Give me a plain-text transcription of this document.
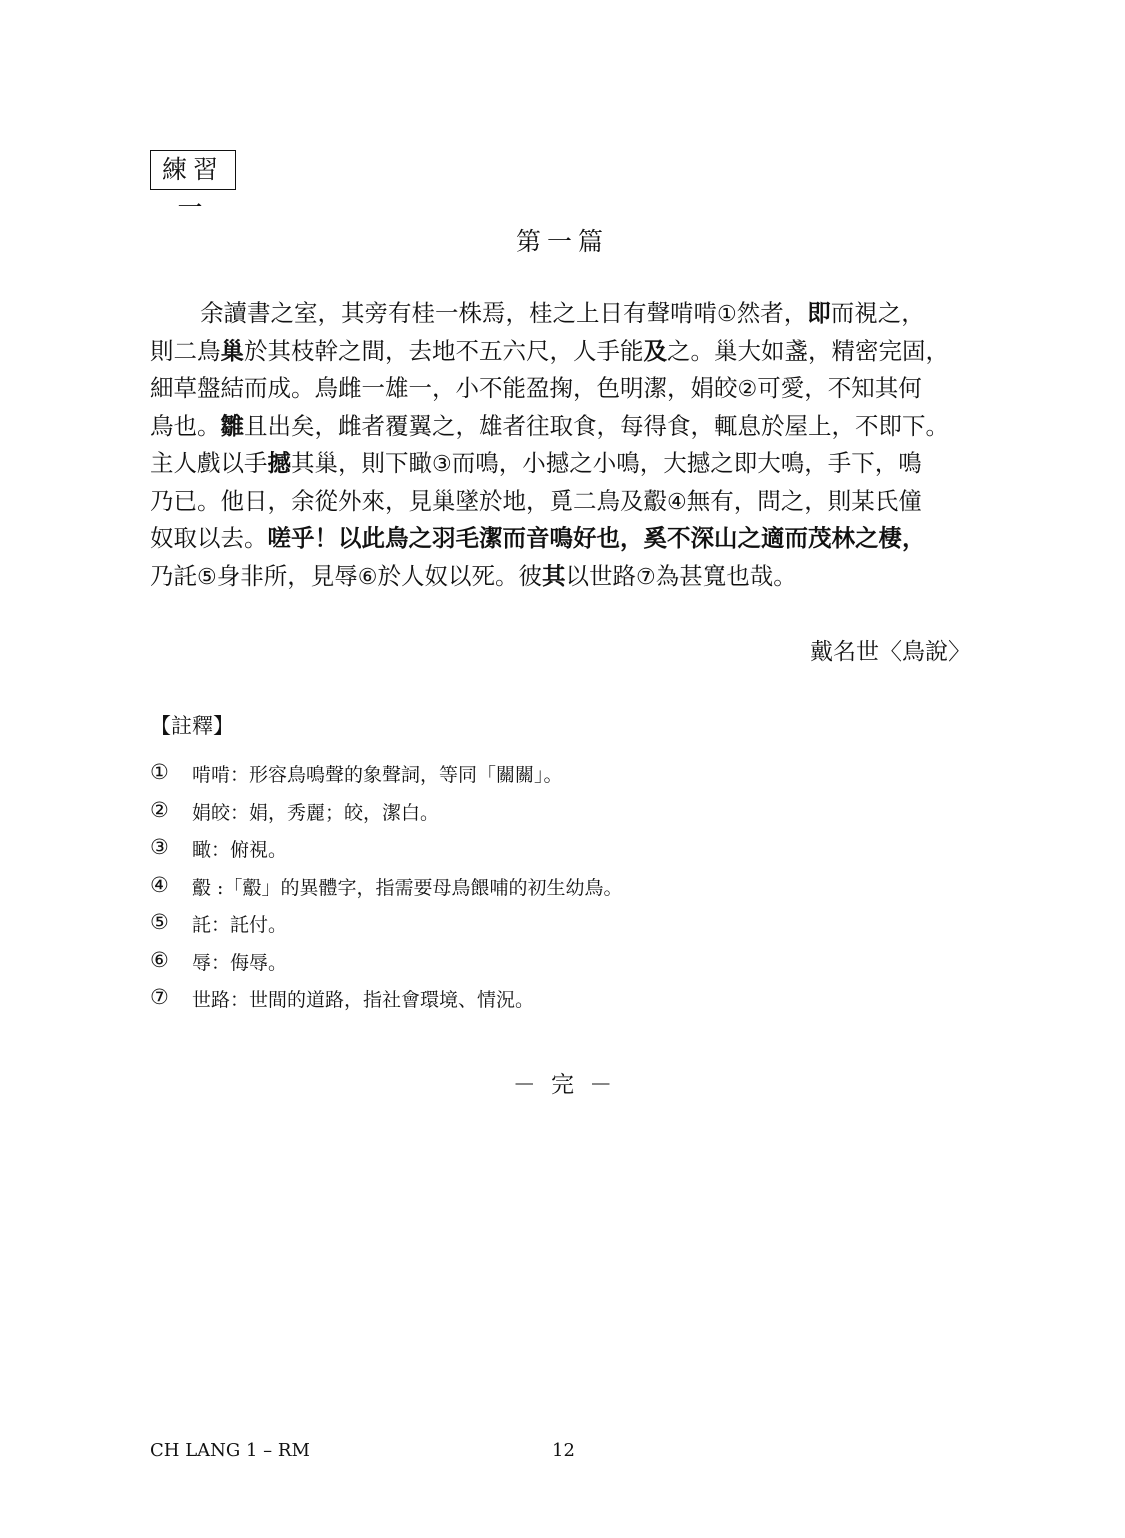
練習一
第一篇
余讀書之室，其旁有桂一株焉，桂之上日有聲啃啃①然者，即而視之，
則二鳥巢於其枝幹之間，去地不五六尺，人手能及之。巢大如盞，精密完固，
細草盤結而成。鳥雌一雄一，小不能盈掬，色明潔，娟皎②可愛，不知其何
鳥也。雛且出矣，雌者覆翼之，雄者往取食，每得食，輒息於屋上，不即下。
主人戲以手撼其巢，則下瞰③而鳴，小撼之小鳴，大撼之即大鳴，手下，鳴
乃已。他日，余從外來，見巢墜於地，覓二鳥及鷇④無有，問之，則某氏僮
奴取以去。嗟乎！以此鳥之羽毛潔而音鳴好也，奚不深山之適而茂林之棲，
乃託⑤身非所，見辱⑥於人奴以死。彼其以世路⑦為甚寬也哉。
戴名世〈鳥說〉
【註釋】
①	啃啃：形容鳥鳴聲的象聲詞，等同「關關」。
②	娟皎：娟，秀麗；皎，潔白。
③	瞰：俯視。
④	鷇 :「鷇」的異體字，指需要母鳥餵哺的初生幼鳥。
⑤	託：託付。
⑥	辱：侮辱。
⑦	世路：世間的道路，指社會環境、情況。
－ 完 －
CH LANG 1 – RM	12
